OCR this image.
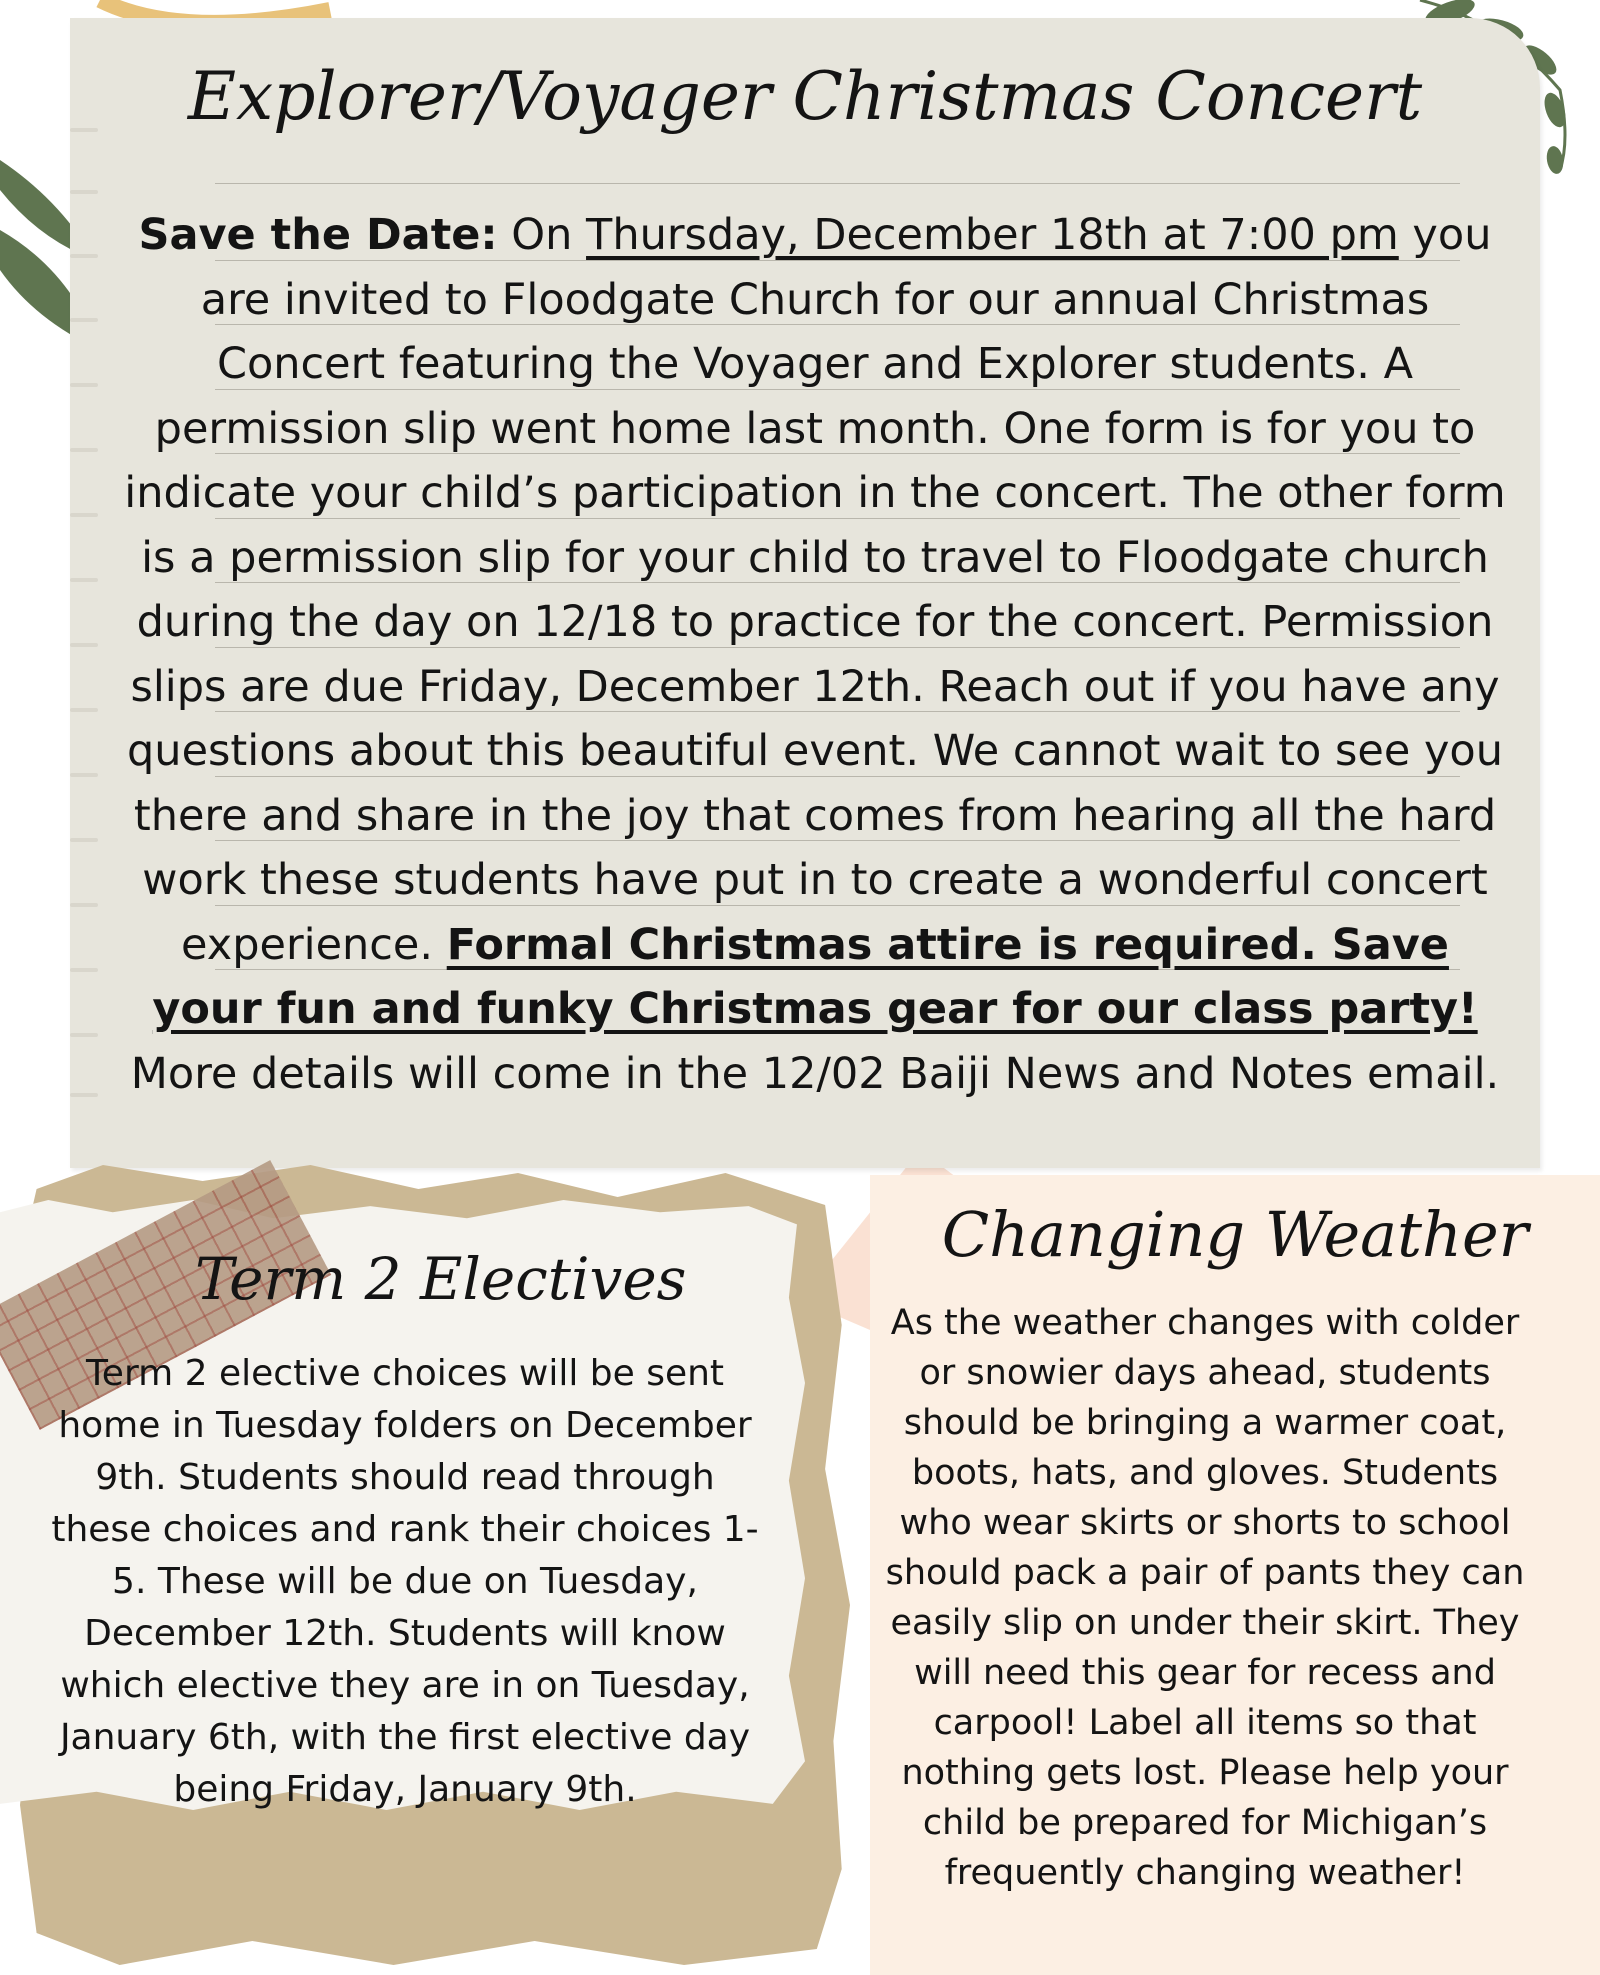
Explorer/Voyager Christmas Concert

Save the Date: On Thursday, December 18th at 7:00 pm you are invited to Floodgate Church for our annual Christmas Concert featuring the Voyager and Explorer students. A permission slip went home last month. One form is for you to indicate your child’s participation in the concert. The other form is a permission slip for your child to travel to Floodgate church during the day on 12/18 to practice for the concert. Permission slips are due Friday, December 12th. Reach out if you have any questions about this beautiful event. We cannot wait to see you there and share in the joy that comes from hearing all the hard work these students have put in to create a wonderful concert experience. Formal Christmas attire is required. Save your fun and funky Christmas gear for our class party! More details will come in the 12/02 Baiji News and Notes email.

Term 2 Electives

Term 2 elective choices will be sent home in Tuesday folders on December 9th. Students should read through these choices and rank their choices 1-5. These will be due on Tuesday, December 12th. Students will know which elective they are in on Tuesday, January 6th, with the first elective day being Friday, January 9th.

Changing Weather

As the weather changes with colder or snowier days ahead, students should be bringing a warmer coat, boots, hats, and gloves. Students who wear skirts or shorts to school should pack a pair of pants they can easily slip on under their skirt. They will need this gear for recess and carpool! Label all items so that nothing gets lost. Please help your child be prepared for Michigan’s frequently changing weather!
